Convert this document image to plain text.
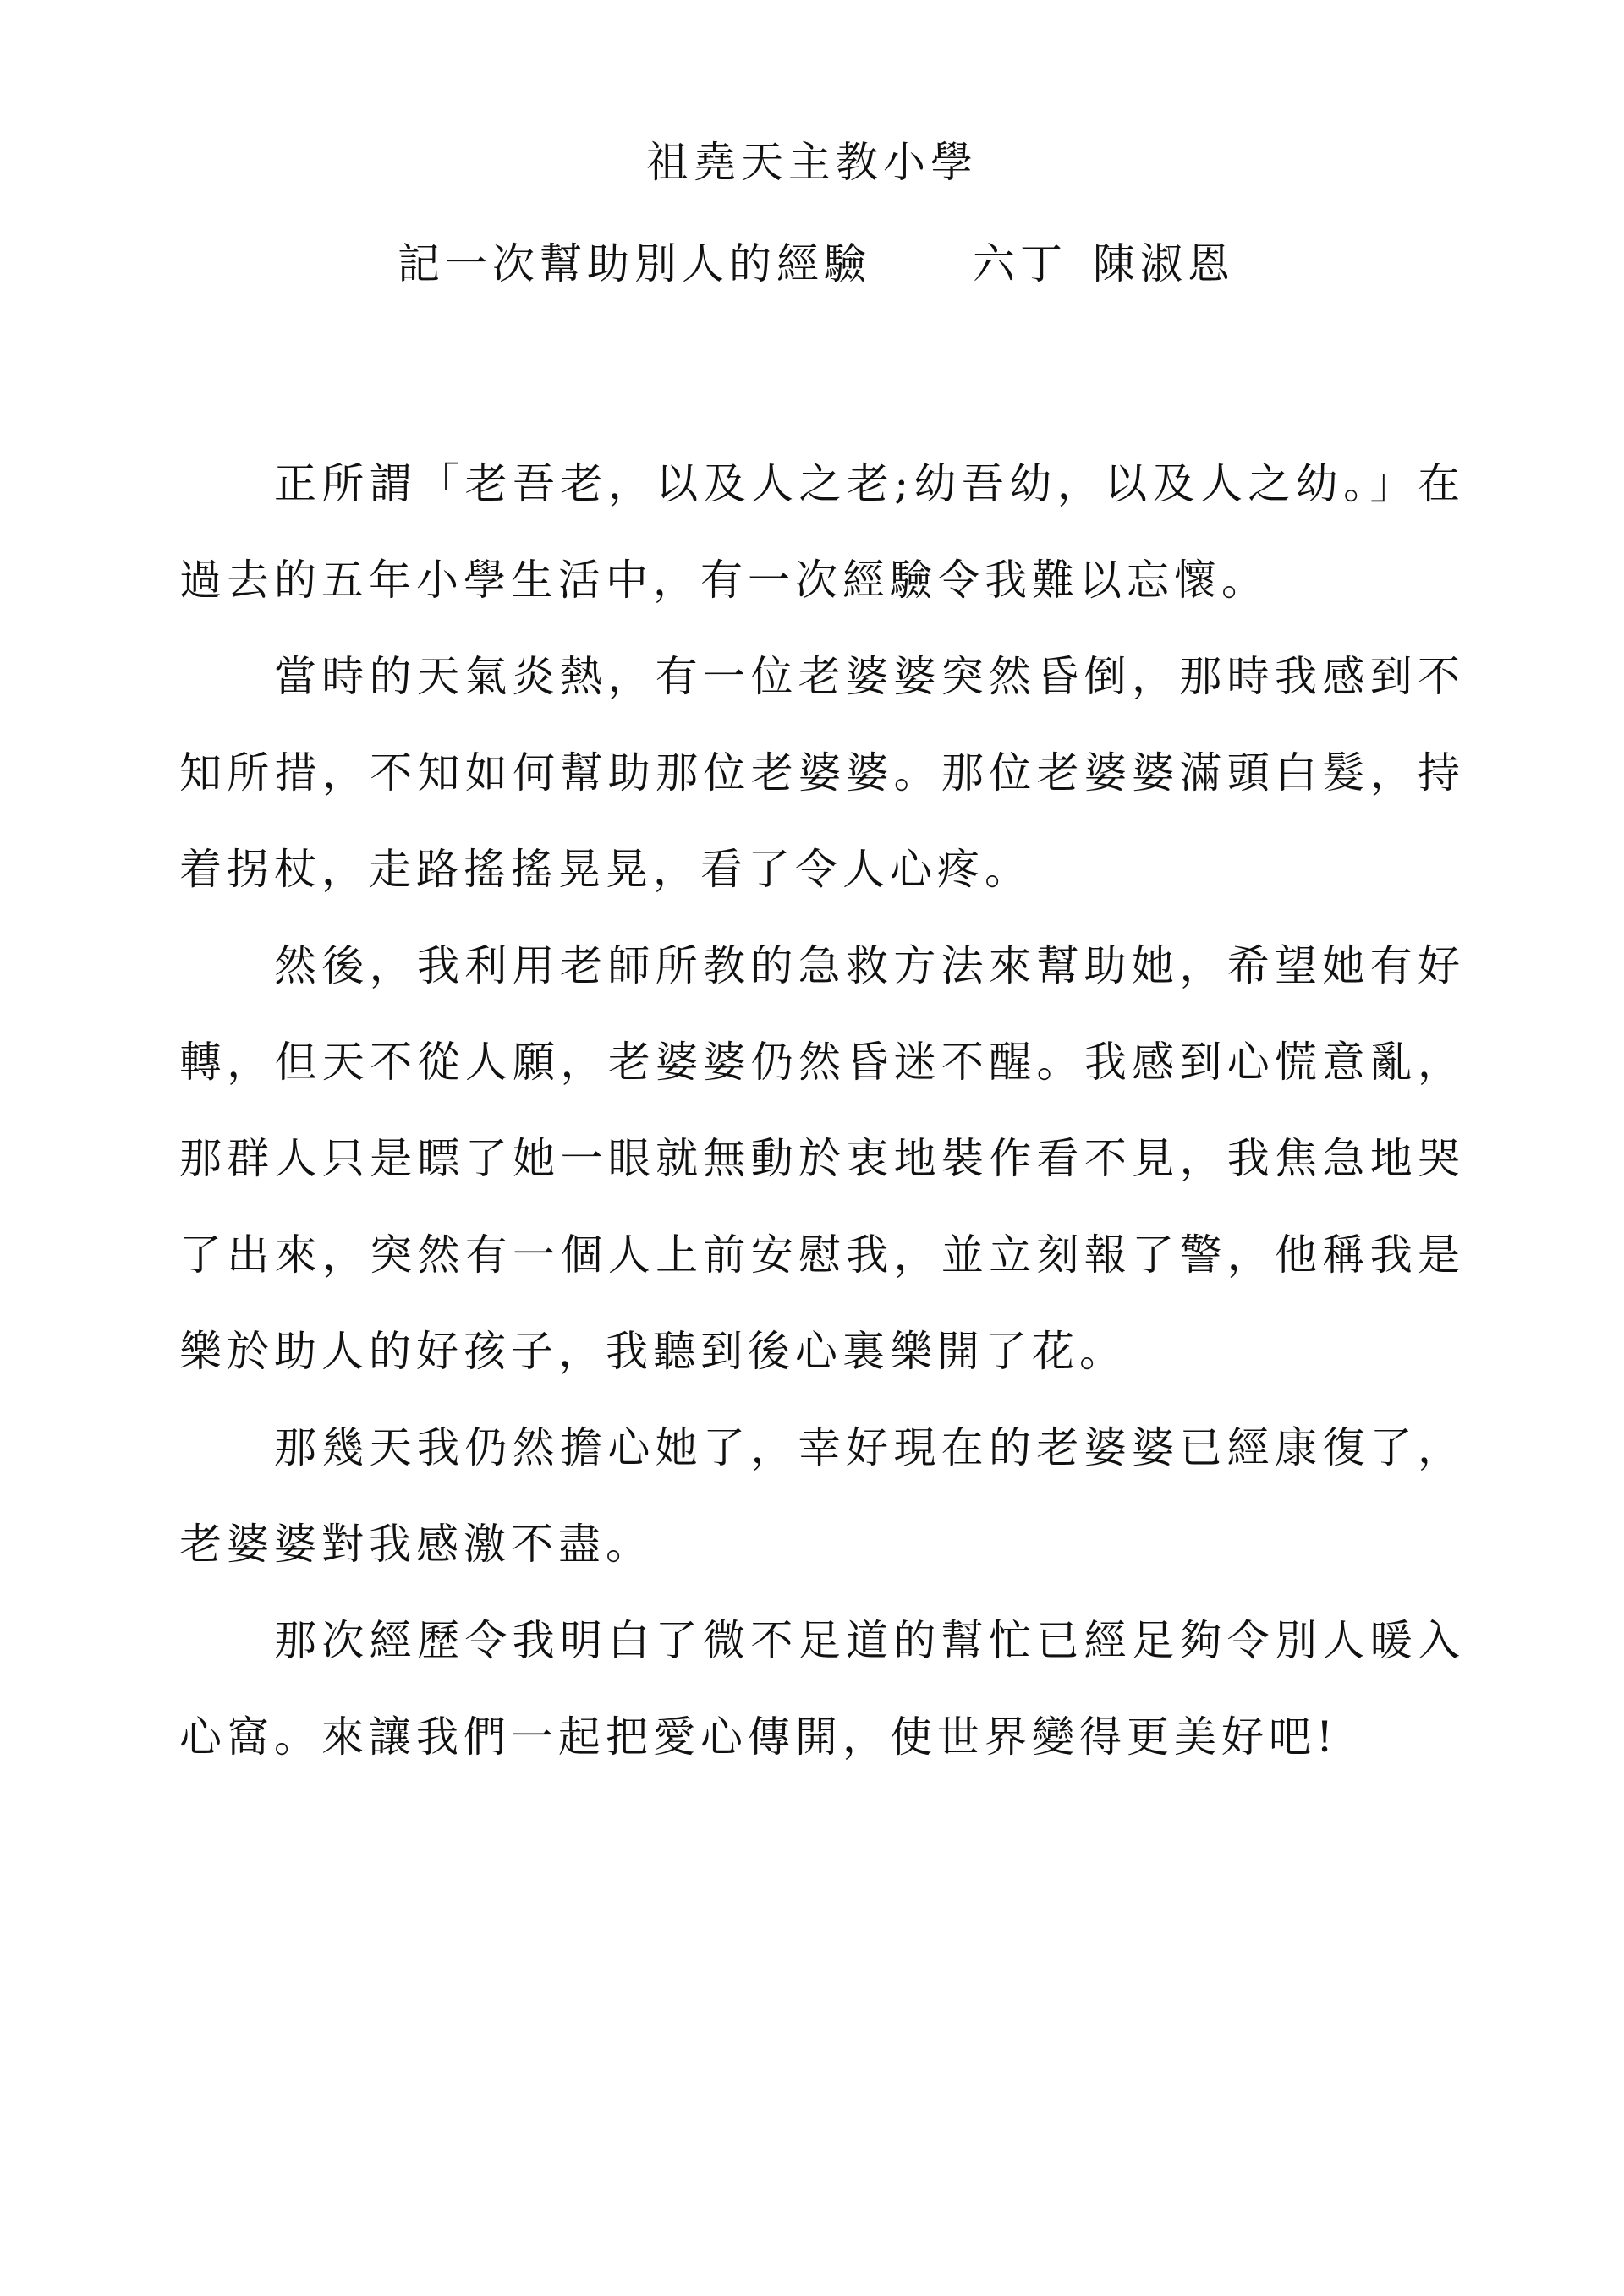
祖堯天主教小學
記一次幫助別人的經驗 六丁 陳淑恩

正所謂「老吾老，以及人之老;幼吾幼，以及人之幼。」在過去的五年小學生活中，有一次經驗令我難以忘懷。

當時的天氣炎熱，有一位老婆婆突然昏倒，那時我感到不知所措，不知如何幫助那位老婆婆。那位老婆婆滿頭白髮，持着拐杖，走路搖搖晃晃，看了令人心疼。

然後，我利用老師所教的急救方法來幫助她，希望她有好轉，但天不從人願，老婆婆仍然昏迷不醒。我感到心慌意亂，那群人只是瞟了她一眼就無動於衷地裝作看不見，我焦急地哭了出來，突然有一個人上前安慰我，並立刻報了警，他稱我是樂於助人的好孩子，我聽到後心裏樂開了花。

那幾天我仍然擔心她了，幸好現在的老婆婆已經康復了，老婆婆對我感激不盡。

那次經歷令我明白了微不足道的幫忙已經足夠令別人暖入心窩。來讓我們一起把愛心傳開，使世界變得更美好吧!
